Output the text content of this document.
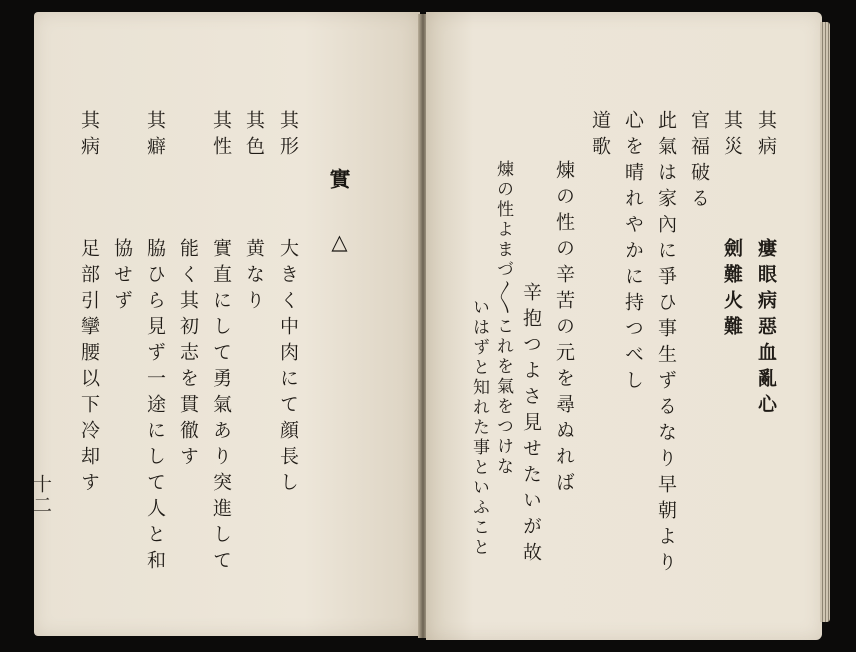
實△
其形
大きく中肉にて顔長し
其色
黄なり
其性
實直にして勇氣あり突進して
能く其初志を貫徹す
脇ひら見ず一途にして人と和
其癖
協せず
其病
足部引攣腰以下冷却す
十二
其病
瘻眼病惡血亂心
其災
劍難火難
官福破る
此氣は家內に爭ひ事生ずるなり早朝より
心を晴れやかに持つべし
道歌
煉の性の辛苦の元を尋ぬれば
辛抱つよさ見せたいが故
煉の性よまづ〳〵これを氣をつけな
いはずと知れた事といふこと
